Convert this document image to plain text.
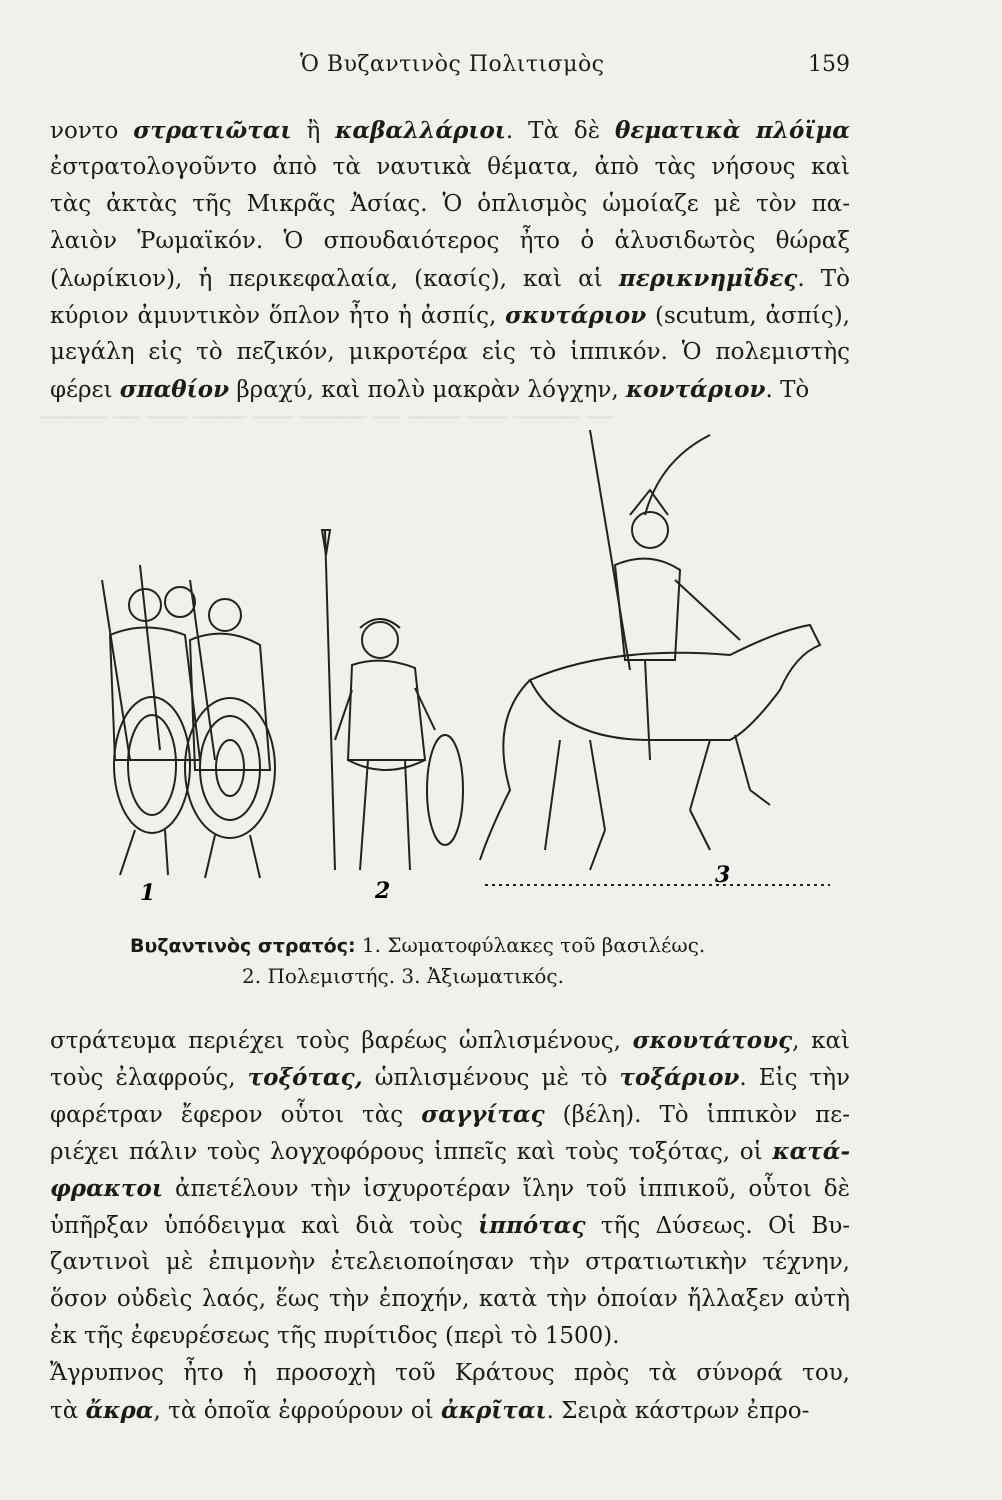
───── ── ─── ──── ─── ───── ── ──── ─── ───── ──
Ὁ Βυζαντινὸς Πολιτισμὸς	159
νοντο στρατιῶται ἢ καβαλλάριοι. Τὰ δὲ θεματικὰ πλόϊμα
ἐστρατολογοῦντο ἀπὸ τὰ ναυτικὰ θέματα, ἀπὸ τὰς νήσους καὶ
τὰς ἀκτὰς τῆς Μικρᾶς Ἀσίας. Ὁ ὁπλισμὸς ὡμοίαζε μὲ τὸν πα-
λαιὸν Ῥωμαϊκόν. Ὁ σπουδαιότερος ἦτο ὁ ἁλυσιδωτὸς θώραξ
(λωρίκιον), ἡ περικεφαλαία, (κασίς), καὶ αἱ περικνημῖδες. Τὸ
κύριον ἀμυντικὸν ὅπλον ἦτο ἡ ἀσπίς, σκυτάριον (scutum, ἀσπίς),
μεγάλη εἰς τὸ πεζικόν, μικροτέρα εἰς τὸ ἱππικόν. Ὁ πολεμιστὴς
φέρει σπαθίον βραχύ, καὶ πολὺ μακρὰν λόγχην, κοντάριον. Τὸ
1	2
3
Βυζαντινὸς στρατός: 1. Σωματοφύλακες τοῦ βασιλέως.
2. Πολεμιστής. 3. Ἀξιωματικός.
στράτευμα περιέχει τοὺς βαρέως ὡπλισμένους, σκουτάτους, καὶ
τοὺς ἐλαφρούς, τοξότας, ὡπλισμένους μὲ τὸ τοξάριον. Εἰς τὴν
φαρέτραν ἔφερον οὗτοι τὰς σαγγίτας (βέλη). Τὸ ἱππικὸν πε-
ριέχει πάλιν τοὺς λογχοφόρους ἱππεῖς καὶ τοὺς τοξότας, οἱ κατά-
φρακτοι ἀπετέλουν τὴν ἰσχυροτέραν ἴλην τοῦ ἱππικοῦ, οὗτοι δὲ
ὑπῆρξαν ὑπόδειγμα καὶ διὰ τοὺς ἱππότας τῆς Δύσεως. Οἱ Βυ-
ζαντινοὶ μὲ ἐπιμονὴν ἐτελειοποίησαν τὴν στρατιωτικὴν τέχνην,
ὅσον οὐδεὶς λαός, ἕως τὴν ἐποχήν, κατὰ τὴν ὁποίαν ἤλλαξεν αὐτὴ
ἐκ τῆς ἐφευρέσεως τῆς πυρίτιδος (περὶ τὸ 1500).
Ἄγρυπνος ἦτο ἡ προσοχὴ τοῦ Κράτους πρὸς τὰ σύνορά του,
τὰ ἄκρα, τὰ ὁποῖα ἐφρούρουν οἱ ἀκρῖται. Σειρὰ κάστρων ἐπρο-
